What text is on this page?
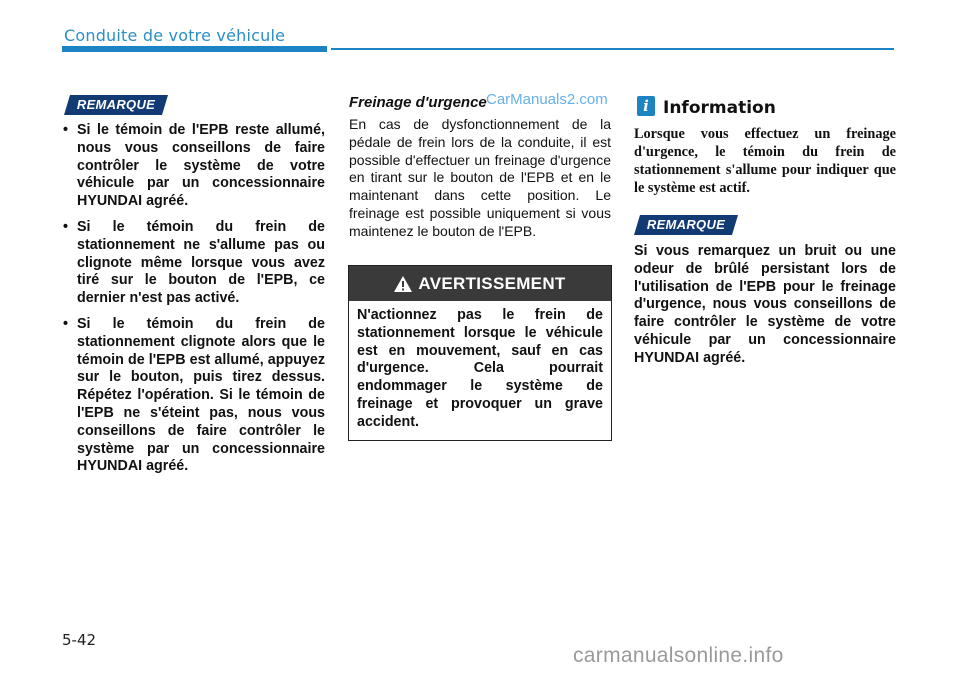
Conduite de votre véhicule
REMARQUE
• Si le témoin de l'EPB reste allumé, nous vous conseillons de faire contrôler le système de votre véhicule par un concessionnaire HYUNDAI agréé.
• Si le témoin du frein de stationnement ne s'allume pas ou clignote même lorsque vous avez tiré sur le bouton de l'EPB, ce dernier n'est pas activé.
• Si le témoin du frein de stationnement clignote alors que le témoin de l'EPB est allumé, appuyez sur le bouton, puis tirez dessus. Répétez l'opération. Si le témoin de l'EPB ne s'éteint pas, nous vous conseillons de faire contrôler le système par un concessionnaire HYUNDAI agréé.
Freinage d'urgence
En cas de dysfonctionnement de la pédale de frein lors de la conduite, il est possible d'effectuer un freinage d'urgence en tirant sur le bouton de l'EPB et en le maintenant dans cette position. Le freinage est possible uniquement si vous maintenez le bouton de l'EPB.
AVERTISSEMENT
N'actionnez pas le frein de stationnement lorsque le véhicule est en mouvement, sauf en cas d'urgence. Cela pourrait endommager le système de freinage et provoquer un grave accident.
i Information
Lorsque vous effectuez un freinage d'urgence, le témoin du frein de stationnement s'allume pour indiquer que le système est actif.
REMARQUE
Si vous remarquez un bruit ou une odeur de brûlé persistant lors de l'utilisation de l'EPB pour le freinage d'urgence, nous vous conseillons de faire contrôler le système de votre véhicule par un concessionnaire HYUNDAI agréé.
CarManuals2.com
5-42
carmanualsonline.info
